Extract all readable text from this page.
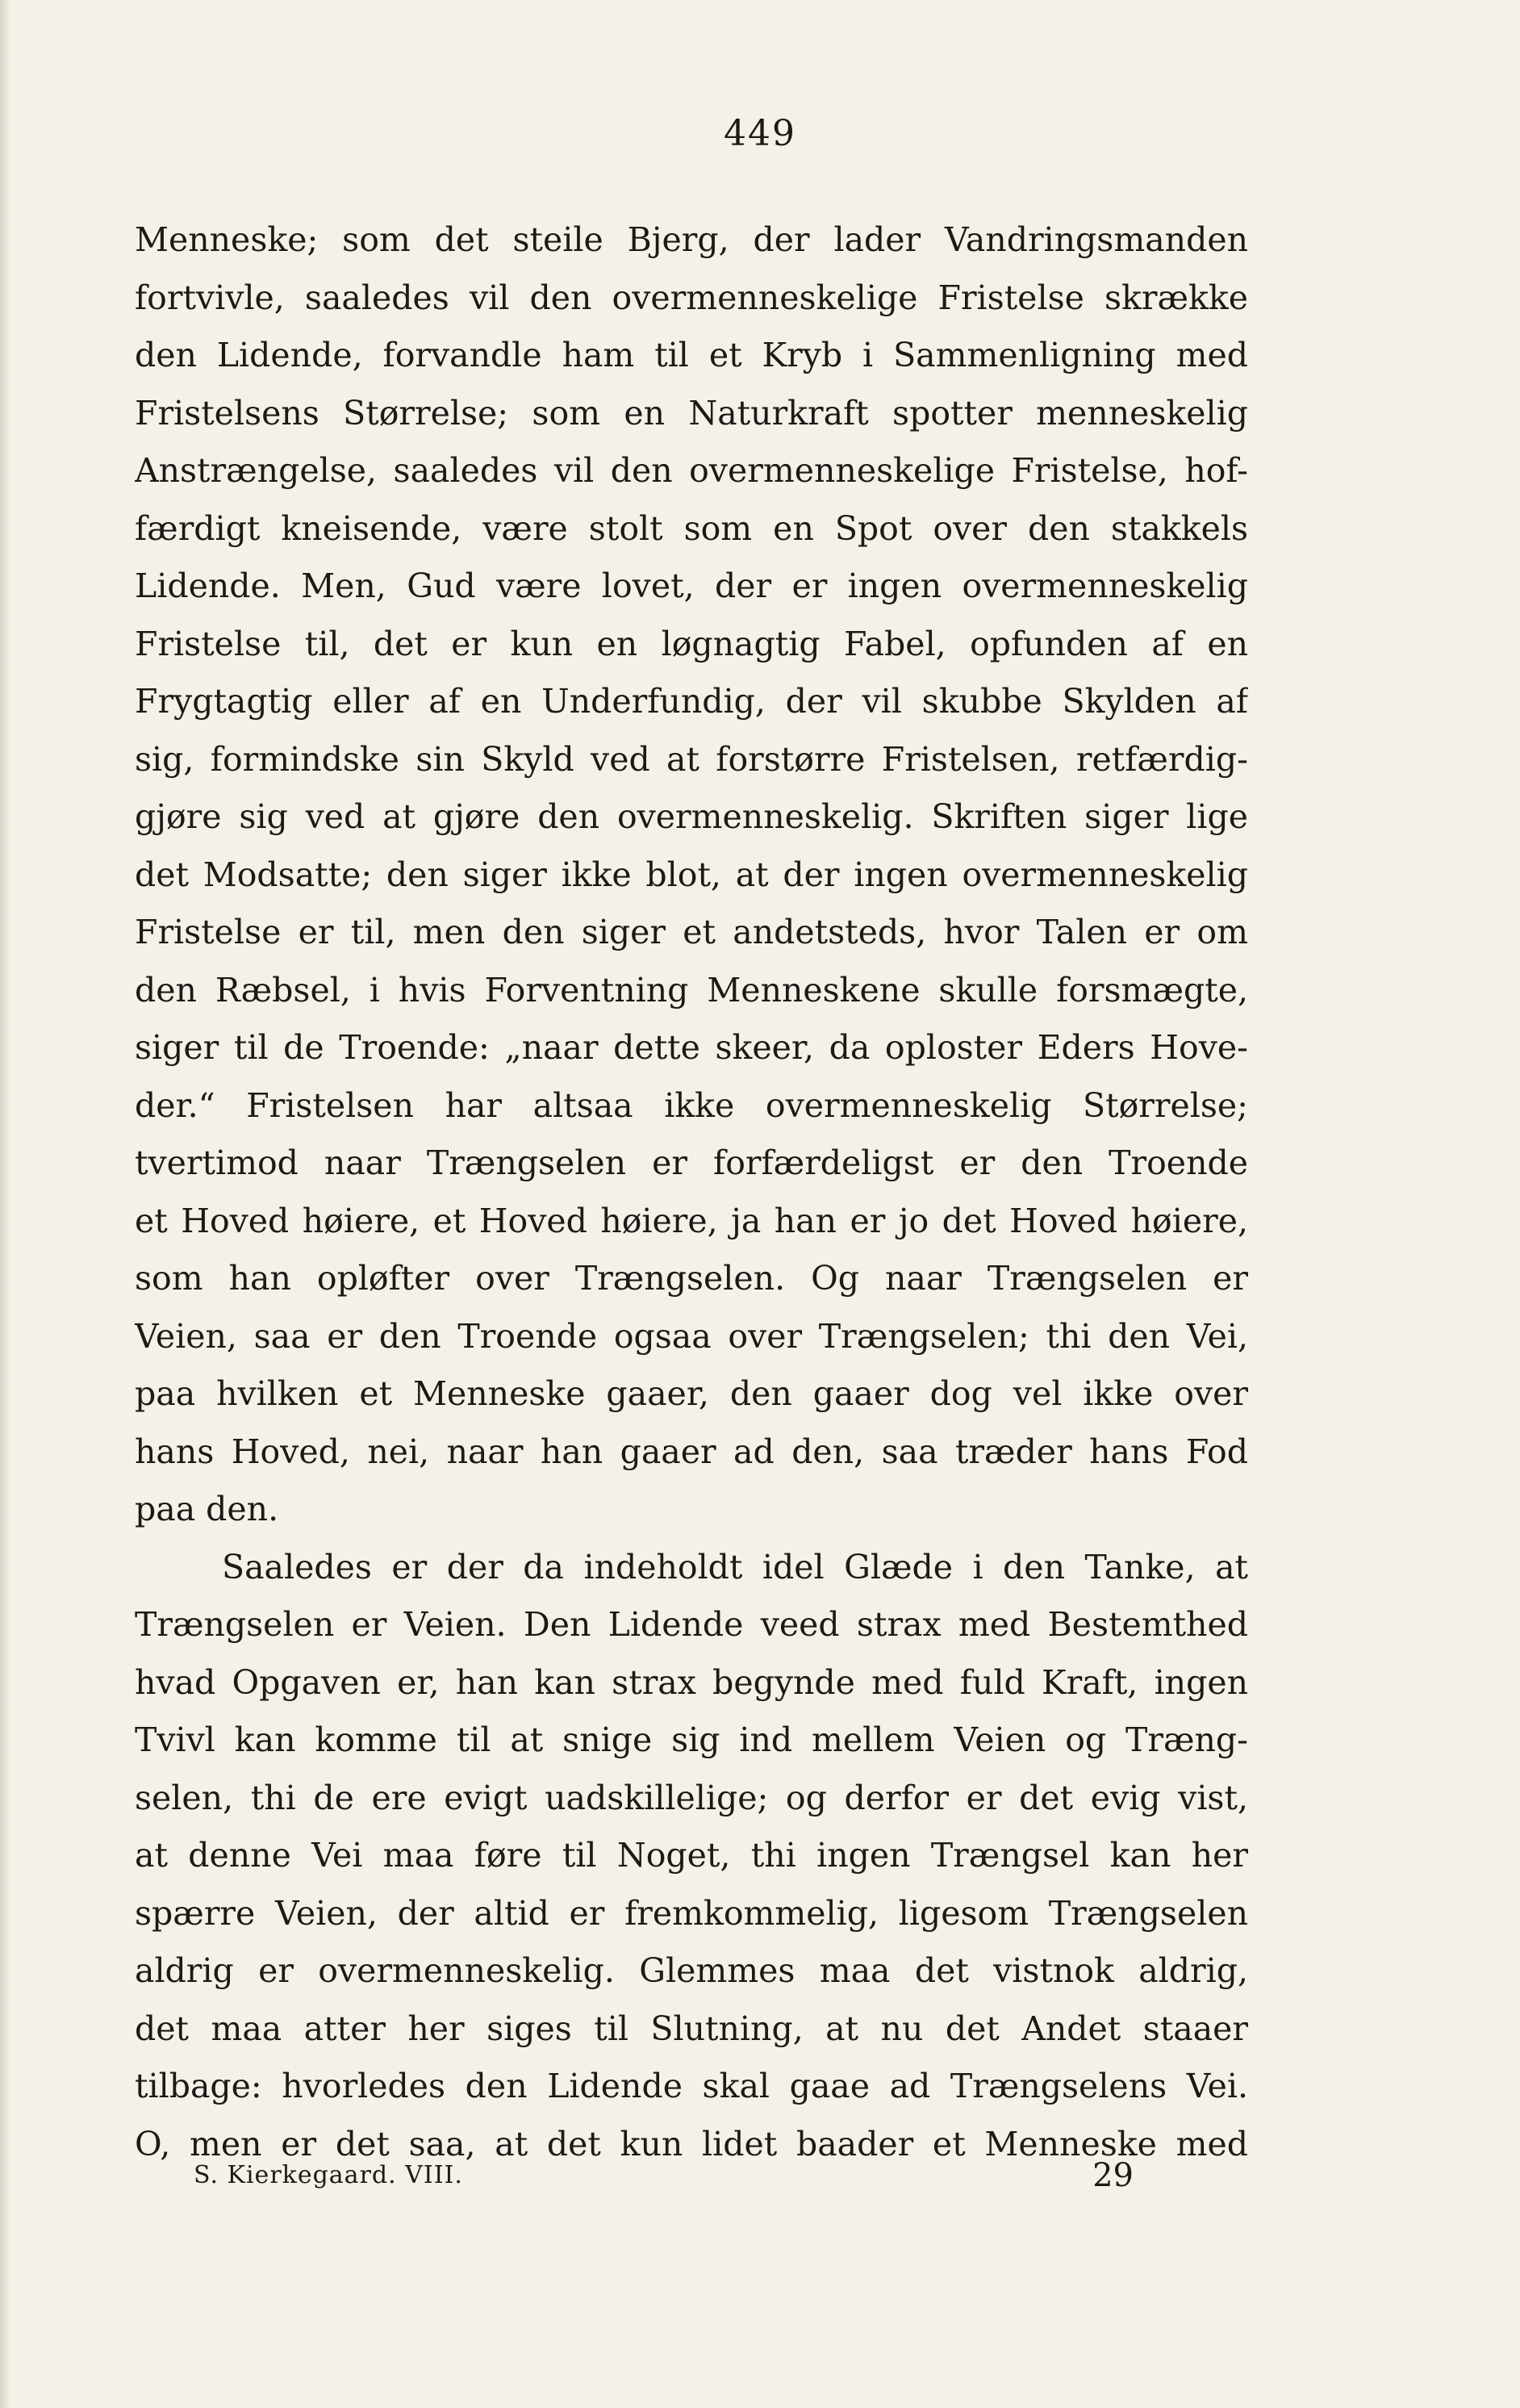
449
Menneske; som det steile Bjerg, der lader Vandringsmanden
fortvivle, saaledes vil den overmenneskelige Fristelse skrække
den Lidende, forvandle ham til et Kryb i Sammenligning med
Fristelsens Størrelse; som en Naturkraft spotter menneskelig
Anstrængelse, saaledes vil den overmenneskelige Fristelse, hof-
færdigt kneisende, være stolt som en Spot over den stakkels
Lidende. Men, Gud være lovet, der er ingen overmenneskelig
Fristelse til, det er kun en løgnagtig Fabel, opfunden af en
Frygtagtig eller af en Underfundig, der vil skubbe Skylden af
sig, formindske sin Skyld ved at forstørre Fristelsen, retfærdig-
gjøre sig ved at gjøre den overmenneskelig. Skriften siger lige
det Modsatte; den siger ikke blot, at der ingen overmenneskelig
Fristelse er til, men den siger et andetsteds, hvor Talen er om
den Ræbsel, i hvis Forventning Menneskene skulle forsmægte,
siger til de Troende: „naar dette skeer, da oploster Eders Hove-
der.“ Fristelsen har altsaa ikke overmenneskelig Størrelse;
tvertimod naar Trængselen er forfærdeligst er den Troende
et Hoved høiere, et Hoved høiere, ja han er jo det Hoved høiere,
som han opløfter over Trængselen. Og naar Trængselen er
Veien, saa er den Troende ogsaa over Trængselen; thi den Vei,
paa hvilken et Menneske gaaer, den gaaer dog vel ikke over
hans Hoved, nei, naar han gaaer ad den, saa træder hans Fod
paa den.
Saaledes er der da indeholdt idel Glæde i den Tanke, at
Trængselen er Veien. Den Lidende veed strax med Bestemthed
hvad Opgaven er, han kan strax begynde med fuld Kraft, ingen
Tvivl kan komme til at snige sig ind mellem Veien og Træng-
selen, thi de ere evigt uadskillelige; og derfor er det evig vist,
at denne Vei maa føre til Noget, thi ingen Trængsel kan her
spærre Veien, der altid er fremkommelig, ligesom Trængselen
aldrig er overmenneskelig. Glemmes maa det vistnok aldrig,
det maa atter her siges til Slutning, at nu det Andet staaer
tilbage: hvorledes den Lidende skal gaae ad Trængselens Vei.
O, men er det saa, at det kun lidet baader et Menneske med
S. Kierkegaard. VIII.	29
